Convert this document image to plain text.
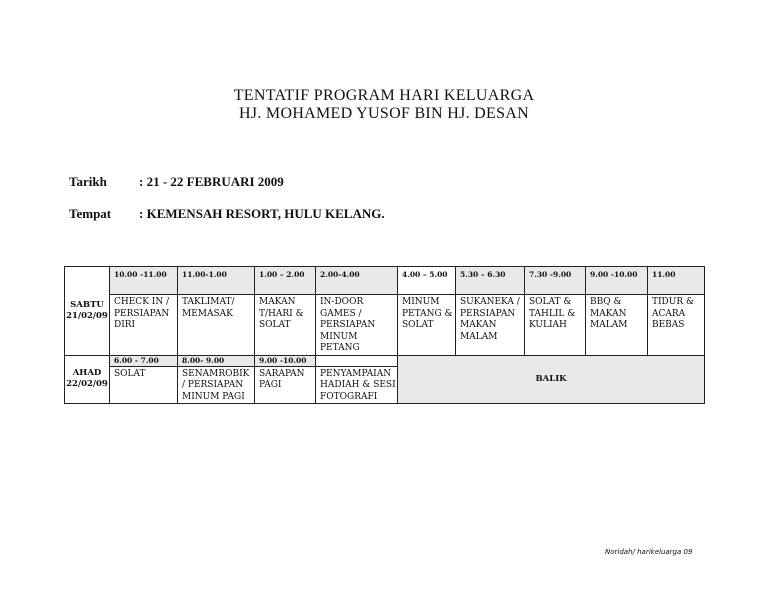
TENTATIF PROGRAM HARI KELUARGA
HJ. MOHAMED YUSOF BIN HJ. DESAN
Tarikh : 21 - 22 FEBRUARI 2009
Tempat : KEMENSAH RESORT, HULU KELANG.
SABTU
21/02/09	10.00 -11.00	11.00-1.00	1.00 – 2.00	2.00-4.00	4.00 – 5.00	5.30 – 6.30	7.30 -9.00	9.00 -10.00	11.00
	CHECK IN / PERSIAPAN DIRI	TAKLIMAT/ MEMASAK	MAKAN T/HARI & SOLAT	IN-DOOR GAMES / PERSIAPAN MINUM PETANG	MINUM PETANG & SOLAT	SUKANEKA / PERSIAPAN MAKAN MALAM	SOLAT & TAHLIL & KULIAH	BBQ & MAKAN MALAM	TIDUR & ACARA BEBAS
AHAD
22/02/09	6.00 - 7.00	8.00- 9.00	9.00 -10.00		BALIK				
	SOLAT	SENAMROBIK / PERSIAPAN MINUM PAGI	SARAPAN PAGI	PENYAMPAIAN HADIAH & SESI FOTOGRAFI					
Noridah/ harikeluarga 09
